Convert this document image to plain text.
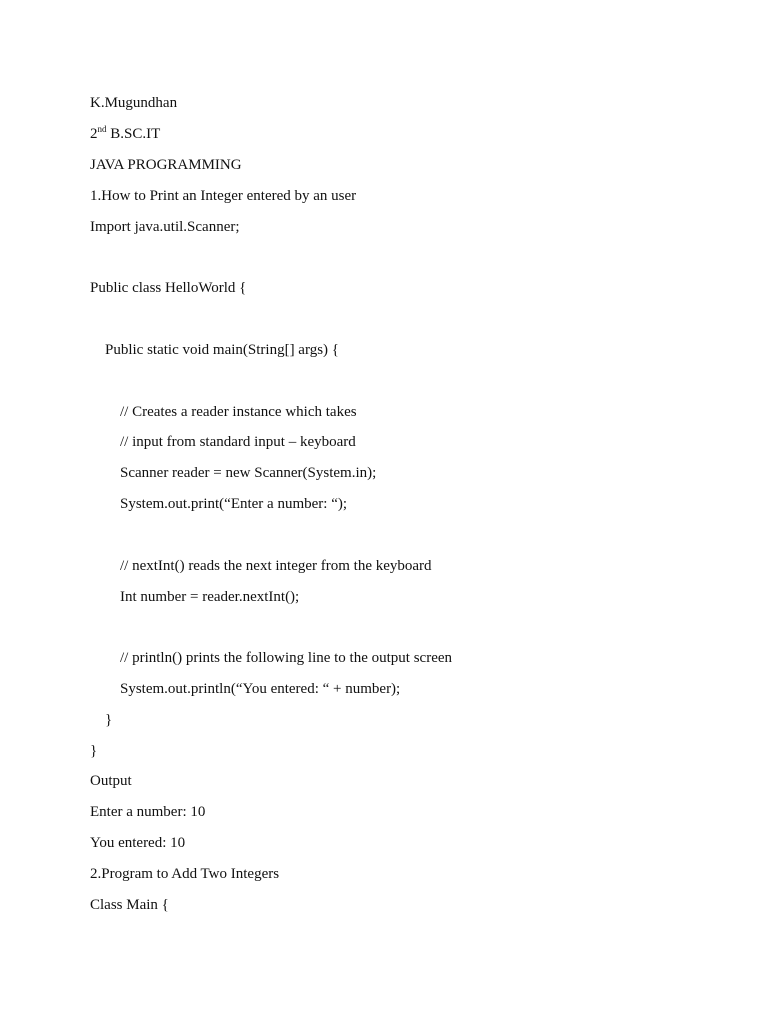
K.Mugundhan
2nd B.SC.IT
JAVA PROGRAMMING
1.How to Print an Integer entered by an user
Import java.util.Scanner;
Public class HelloWorld {
Public static void main(String[] args) {
// Creates a reader instance which takes
// input from standard input – keyboard
Scanner reader = new Scanner(System.in);
System.out.print(“Enter a number: “);
// nextInt() reads the next integer from the keyboard
Int number = reader.nextInt();
// println() prints the following line to the output screen
System.out.println(“You entered: “ + number);
}
}
Output
Enter a number: 10
You entered: 10
2.Program to Add Two Integers
Class Main {
